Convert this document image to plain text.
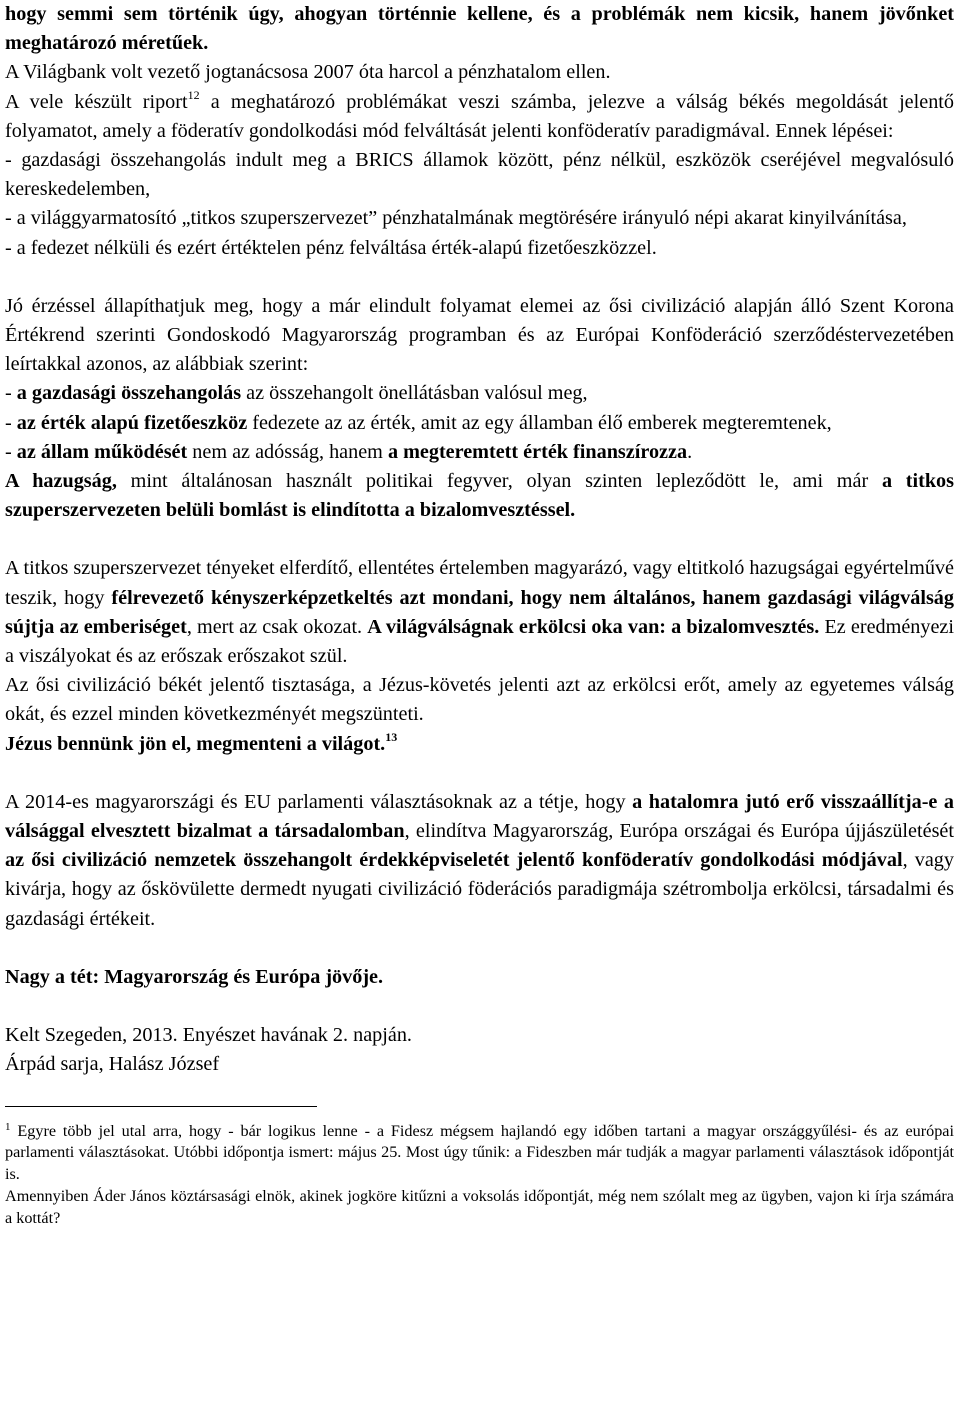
hogy semmi sem történik úgy, ahogyan történnie kellene, és a problémák nem kicsik, hanem jövőnket meghatározó méretűek.

A Világbank volt vezető jogtanácsosa 2007 óta harcol a pénzhatalom ellen.

A vele készült riport$^{12}$ a meghatározó problémákat veszi számba, jelezve a válság békés megoldását jelentő folyamatot, amely a föderatív gondolkodási mód felváltását jelenti konföderatív paradigmával. Ennek lépései:

- gazdasági összehangolás indult meg a BRICS államok között, pénz nélkül, eszközök cseréjével megvalósuló kereskedelemben,

- a világgyarmatosító „titkos szuperszervezet” pénzhatalmának megtörésére irányuló népi akarat kinyilvánítása,

- a fedezet nélküli és ezért értéktelen pénz felváltása érték-alapú fizetőeszközzel.

Jó érzéssel állapíthatjuk meg, hogy a már elindult folyamat elemei az ősi civilizáció alapján álló Szent Korona Értékrend szerinti Gondoskodó Magyarország programban és az Európai Konföderáció szerződéstervezetében leírtakkal azonos, az alábbiak szerint:

- a gazdasági összehangolás az összehangolt önellátásban valósul meg,

- az érték alapú fizetőeszköz fedezete az az érték, amit az egy államban élő emberek megteremtenek,

- az állam működését nem az adósság, hanem a megteremtett érték finanszírozza.

A hazugság, mint általánosan használt politikai fegyver, olyan szinten lepleződött le, ami már a titkos szuperszervezeten belüli bomlást is elindította a bizalomvesztéssel.

A titkos szuperszervezet tényeket elferdítő, ellentétes értelemben magyarázó, vagy eltitkoló hazugságai egyértelművé teszik, hogy félrevezető kényszerképzetkeltés azt mondani, hogy nem általános, hanem gazdasági világválság sújtja az emberiséget, mert az csak okozat. A világválságnak erkölcsi oka van: a bizalomvesztés. Ez eredményezi a viszályokat és az erőszak erőszakot szül.

Az ősi civilizáció békét jelentő tisztasága, a Jézus-követés jelenti azt az erkölcsi erőt, amely az egyetemes válság okát, és ezzel minden következményét megszünteti.

Jézus bennünk jön el, megmenteni a világot.$^{13}$

A 2014-es magyarországi és EU parlamenti választásoknak az a tétje, hogy a hatalomra jutó erő visszaállítja-e a válsággal elvesztett bizalmat a társadalomban, elindítva Magyarország, Európa országai és Európa újjászületését az ősi civilizáció nemzetek összehangolt érdekképviseletét jelentő konföderatív gondolkodási módjával, vagy kivárja, hogy az őskövülette dermedt nyugati civilizáció föderációs paradigmája szétrombolja erkölcsi, társadalmi és gazdasági értékeit.

Nagy a tét: Magyarország és Európa jövője.

Kelt Szegeden, 2013. Enyészet havának 2. napján.

Árpád sarja, Halász József

$^1$ Egyre több jel utal arra, hogy - bár logikus lenne - a Fidesz mégsem hajlandó egy időben tartani a magyar országgyűlési- és az európai parlamenti választásokat. Utóbbi időpontja ismert: május 25. Most úgy tűnik: a Fideszben már tudják a magyar parlamenti választások időpontját is.

Amennyiben Áder János köztársasági elnök, akinek jogköre kitűzni a voksolás időpontját, még nem szólalt meg az ügyben, vajon ki írja számára a kottát?
